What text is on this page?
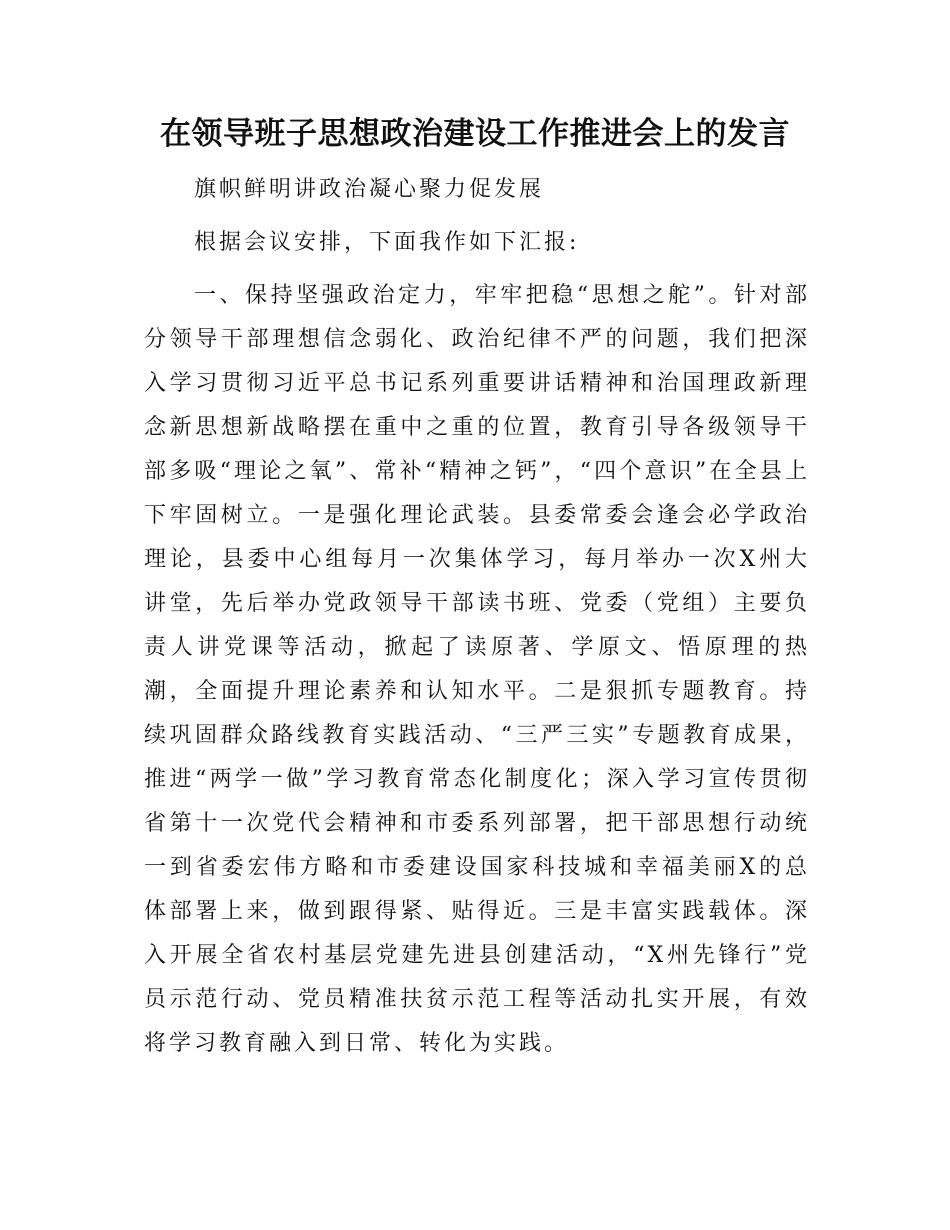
在领导班子思想政治建设工作推进会上的发言

旗帜鲜明讲政治凝心聚力促发展

根据会议安排，下面我作如下汇报:

一、保持坚强政治定力，牢牢把稳“思想之舵”。针对部分领导干部理想信念弱化、政治纪律不严的问题，我们把深入学习贯彻习近平总书记系列重要讲话精神和治国理政新理念新思想新战略摆在重中之重的位置，教育引导各级领导干部多吸“理论之氧”、常补“精神之钙”，“四个意识”在全县上下牢固树立。一是强化理论武装。县委常委会逢会必学政治理论，县委中心组每月一次集体学习，每月举办一次X州大讲堂，先后举办党政领导干部读书班、党委（党组）主要负责人讲党课等活动，掀起了读原著、学原文、悟原理的热潮，全面提升理论素养和认知水平。二是狠抓专题教育。持续巩固群众路线教育实践活动、“三严三实”专题教育成果，推进“两学一做”学习教育常态化制度化；深入学习宣传贯彻省第十一次党代会精神和市委系列部署，把干部思想行动统一到省委宏伟方略和市委建设国家科技城和幸福美丽X的总体部署上来，做到跟得紧、贴得近。三是丰富实践载体。深入开展全省农村基层党建先进县创建活动，“X州先锋行”党员示范行动、党员精准扶贫示范工程等活动扎实开展，有效将学习教育融入到日常、转化为实践。
